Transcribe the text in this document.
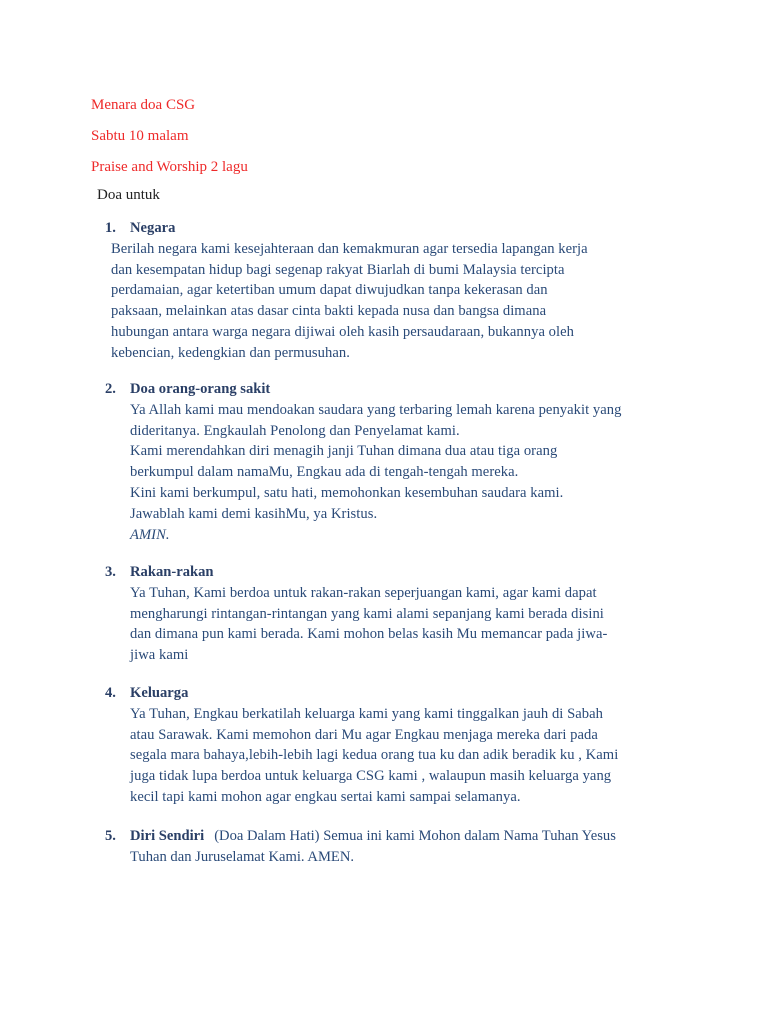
Menara doa CSG
Sabtu 10 malam
Praise and Worship 2 lagu
Doa untuk
1. Negara
Berilah negara kami kesejahteraan dan kemakmuran agar tersedia lapangan kerja
dan kesempatan hidup bagi segenap rakyat Biarlah di bumi Malaysia tercipta
perdamaian, agar ketertiban umum dapat diwujudkan tanpa kekerasan dan
paksaan, melainkan atas dasar cinta bakti kepada nusa dan bangsa dimana
hubungan antara warga negara dijiwai oleh kasih persaudaraan, bukannya oleh
kebencian, kedengkian dan permusuhan.
2. Doa orang-orang sakit
Ya Allah kami mau mendoakan saudara yang terbaring lemah karena penyakit yang
dideritanya. Engkaulah Penolong dan Penyelamat kami.
Kami merendahkan diri menagih janji Tuhan dimana dua atau tiga orang
berkumpul dalam namaMu, Engkau ada di tengah-tengah mereka.
Kini kami berkumpul, satu hati, memohonkan kesembuhan saudara kami.
Jawablah kami demi kasihMu, ya Kristus.
AMIN.
3. Rakan-rakan
Ya Tuhan, Kami berdoa untuk rakan-rakan seperjuangan kami, agar kami dapat
mengharungi rintangan-rintangan yang kami alami sepanjang kami berada disini
dan dimana pun kami berada. Kami mohon belas kasih Mu memancar pada jiwa-
jiwa kami
4. Keluarga
Ya Tuhan, Engkau berkatilah keluarga kami yang kami tinggalkan jauh di Sabah
atau Sarawak. Kami memohon dari Mu agar Engkau menjaga mereka dari pada
segala mara bahaya,lebih-lebih lagi kedua orang tua ku dan adik beradik ku , Kami
juga tidak lupa berdoa untuk keluarga CSG kami , walaupun masih keluarga yang
kecil tapi kami mohon agar engkau sertai kami sampai selamanya.
5. Diri Sendiri (Doa Dalam Hati) Semua ini kami Mohon dalam Nama Tuhan Yesus
Tuhan dan Juruselamat Kami. AMEN.
